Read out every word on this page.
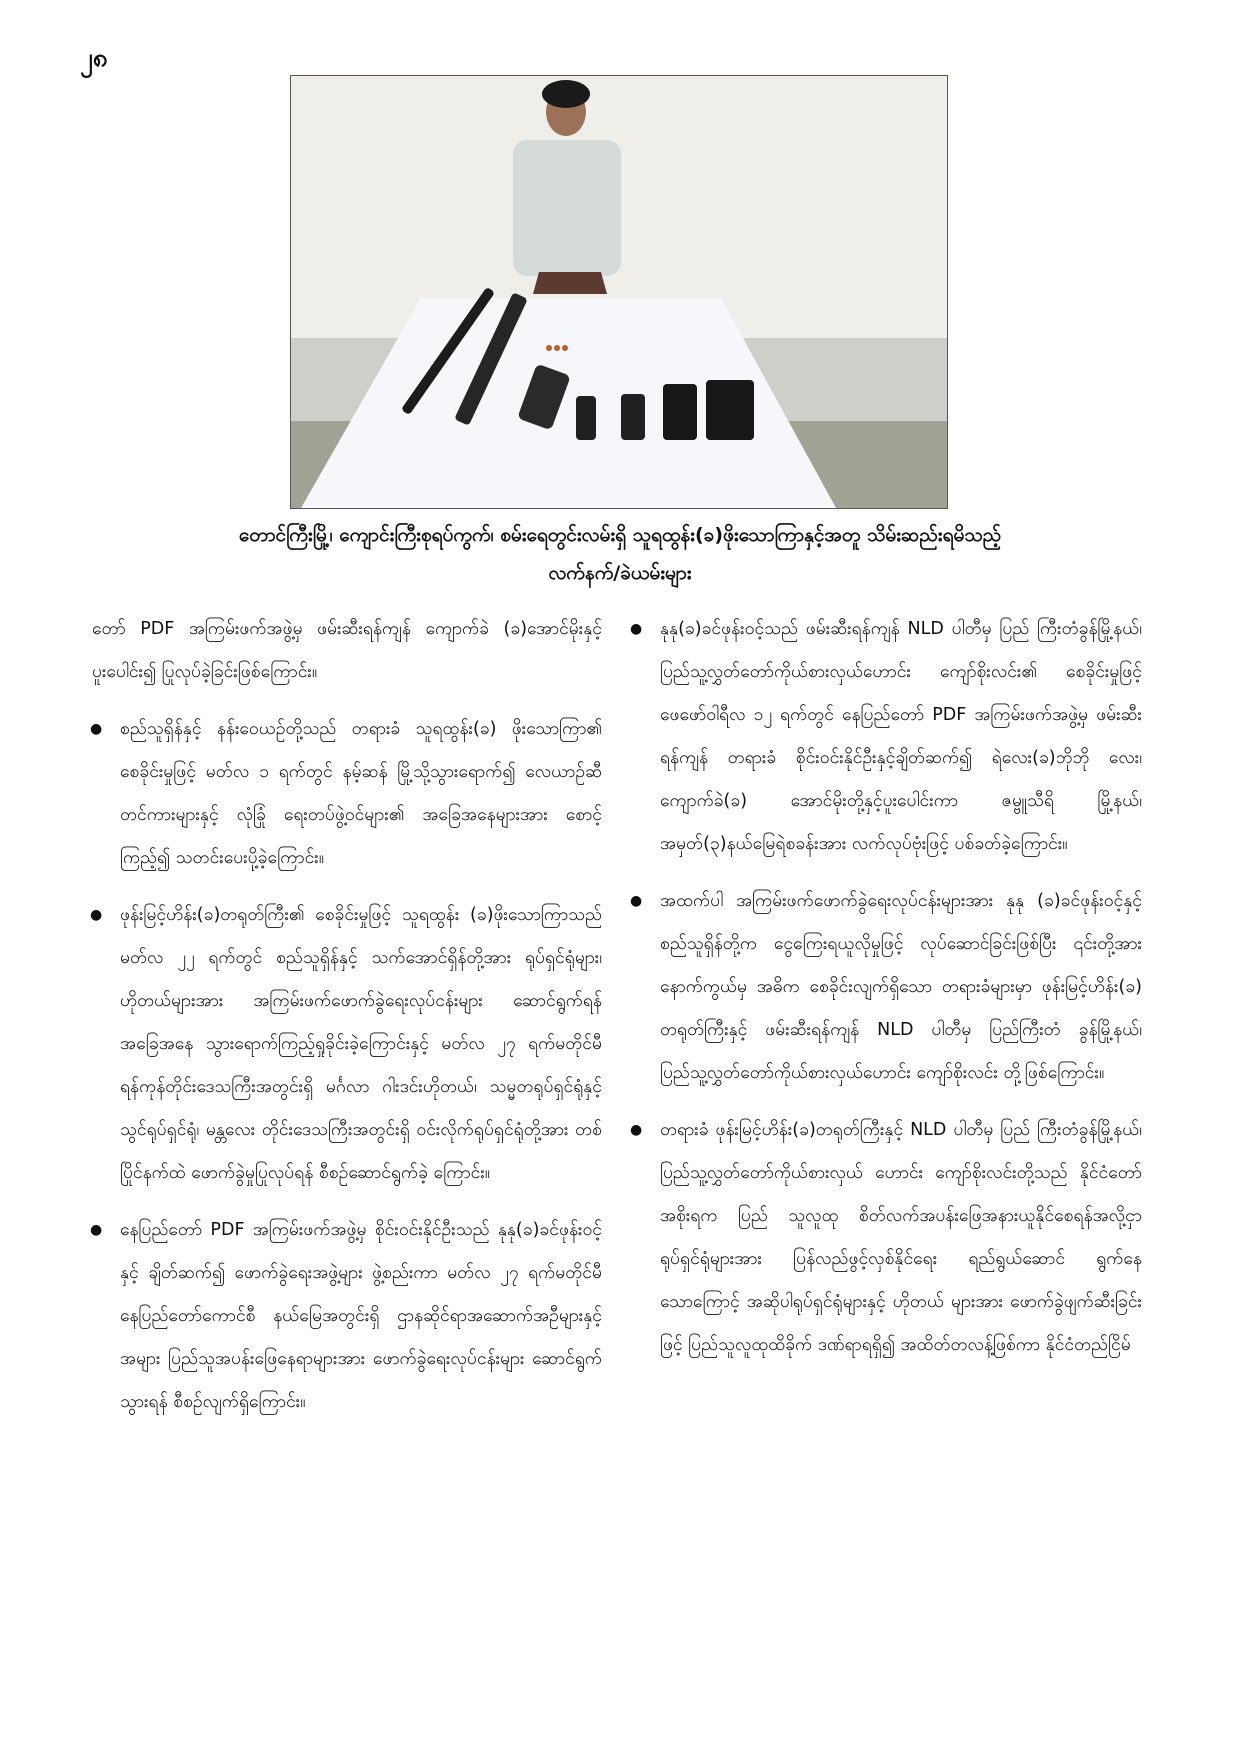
၂၈
တောင်ကြီးမြို့၊ ကျောင်းကြီးစုရပ်ကွက်၊ စမ်းရေတွင်းလမ်းရှိ သူရထွန်း(ခ)ဖိုးသောကြာနှင့်အတူ သိမ်းဆည်းရမိသည့်
လက်နက်/ခဲယမ်းများ

တော် PDF အကြမ်းဖက်အဖွဲ့မှ ဖမ်းဆီးရန်ကျန် ကျောက်ခဲ (ခ)အောင်မိုးနှင့်ပူးပေါင်း၍ ပြုလုပ်ခဲ့ခြင်းဖြစ်ကြောင်း။

● စည်သူရှိန်နှင့် နန်းဝေယဉ်တို့သည် တရားခံ သူရထွန်း(ခ) ဖိုးသောကြာ၏ စေခိုင်းမှုဖြင့် မတ်လ ၁ ရက်တွင် နမ့်ဆန် မြို့သို့သွားရောက်၍ လေယာဉ်ဆီတင်ကားများနှင့် လုံခြုံ ရေးတပ်ဖွဲ့ဝင်များ၏ အခြေအနေများအား စောင့်ကြည့်၍ သတင်းပေးပို့ခဲ့ကြောင်း။

● ဖုန်းမြင့်ဟိန်း(ခ)တရုတ်ကြီး၏ စေခိုင်းမှုဖြင့် သူရထွန်း (ခ)ဖိုးသောကြာသည် မတ်လ ၂၂ ရက်တွင် စည်သူရှိန်နှင့် သက်အောင်ရှိန်တို့အား ရုပ်ရှင်ရုံများ၊ ဟိုတယ်များအား အကြမ်းဖက်ဖောက်ခွဲရေးလုပ်ငန်းများ ဆောင်ရွက်ရန် အခြေအနေ သွားရောက်ကြည့်ရှုခိုင်းခဲ့ကြောင်းနှင့် မတ်လ ၂၇ ရက်မတိုင်မီ ရန်ကုန်တိုင်းဒေသကြီးအတွင်းရှိ မင်္ဂလာ ဂါးဒင်းဟိုတယ်၊ သမ္မတရုပ်ရှင်ရုံနှင့် သွင်ရုပ်ရှင်ရုံ၊ မန္တလေး တိုင်းဒေသကြီးအတွင်းရှိ ဝင်းလိုက်ရုပ်ရှင်ရုံတို့အား တစ် ပြိုင်နက်ထဲ ဖောက်ခွဲမှုပြုလုပ်ရန် စီစဉ်ဆောင်ရွက်ခဲ့ ကြောင်း။

● နေပြည်တော် PDF အကြမ်းဖက်အဖွဲ့မှ စိုင်းဝင်းနိုင်ဦးသည် နုနု(ခ)ခင်ဖုန်းဝင့်နှင့် ချိတ်ဆက်၍ ဖောက်ခွဲရေးအဖွဲ့များ ဖွဲ့စည်းကာ မတ်လ ၂၇ ရက်မတိုင်မီ နေပြည်တော်ကောင်စီ နယ်မြေအတွင်းရှိ ဌာနဆိုင်ရာအဆောက်အဦများနှင့် အများ ပြည်သူအပန်းဖြေနေရာများအား ဖောက်ခွဲရေးလုပ်ငန်းများ ဆောင်ရွက်သွားရန် စီစဉ်လျက်ရှိကြောင်း။

● နုနု(ခ)ခင်ဖုန်းဝင့်သည် ဖမ်းဆီးရန်ကျန် NLD ပါတီမှ ပြည် ကြီးတံခွန်မြို့နယ်၊ ပြည်သူ့လွှတ်တော်ကိုယ်စားလှယ်ဟောင်း ကျော်စိုးလင်း၏ စေခိုင်းမှုဖြင့် ဖေဖော်ဝါရီလ ၁၂ ရက်တွင် နေပြည်တော် PDF အကြမ်းဖက်အဖွဲ့မှ ဖမ်းဆီးရန်ကျန် တရားခံ စိုင်းဝင်းနိုင်ဦးနှင့်ချိတ်ဆက်၍ ရဲလေး(ခ)ဘိုဘို လေး၊ ကျောက်ခဲ(ခ) အောင်မိုးတို့နှင့်ပူးပေါင်းကာ ဇမ္ဗူသီရိ မြို့နယ်၊ အမှတ်(၃)နယ်မြေရဲစခန်းအား လက်လုပ်ဗုံးဖြင့် ပစ်ခတ်ခဲ့ကြောင်း။

● အထက်ပါ အကြမ်းဖက်ဖောက်ခွဲရေးလုပ်ငန်းများအား နုနု (ခ)ခင်ဖုန်းဝင့်နှင့် စည်သူရှိန်တို့က ငွေကြေးရယူလိုမှုဖြင့် လုပ်ဆောင်ခြင်းဖြစ်ပြီး ၎င်းတို့အား နောက်ကွယ်မှ အဓိက စေခိုင်းလျက်ရှိသော တရားခံများမှာ ဖုန်းမြင့်ဟိန်း(ခ) တရုတ်ကြီးနှင့် ဖမ်းဆီးရန်ကျန် NLD ပါတီမှ ပြည်ကြီးတံ ခွန်မြို့နယ်၊ ပြည်သူ့လွှတ်တော်ကိုယ်စားလှယ်ဟောင်း ကျော်စိုးလင်း တို့ဖြစ်ကြောင်း။

● တရားခံ ဖုန်းမြင့်ဟိန်း(ခ)တရုတ်ကြီးနှင့် NLD ပါတီမှ ပြည် ကြီးတံခွန်မြို့နယ်၊ ပြည်သူ့လွှတ်တော်ကိုယ်စားလှယ် ဟောင်း ကျော်စိုးလင်းတို့သည် နိုင်ငံတော်အစိုးရက ပြည် သူလူထု စိတ်လက်အပန်းဖြေအနားယူနိုင်စေရန်အလို့ငှာ ရုပ်ရှင်ရုံများအား ပြန်လည်ဖွင့်လှစ်နိုင်ရေး ရည်ရွယ်ဆောင် ရွက်နေသောကြောင့် အဆိုပါရုပ်ရှင်ရုံများနှင့် ဟိုတယ် များအား ဖောက်ခွဲဖျက်ဆီးခြင်းဖြင့် ပြည်သူလူထုထိခိုက် ဒဏ်ရာရရှိ၍ အထိတ်တလန့်ဖြစ်ကာ နိုင်ငံတည်ငြိမ်
